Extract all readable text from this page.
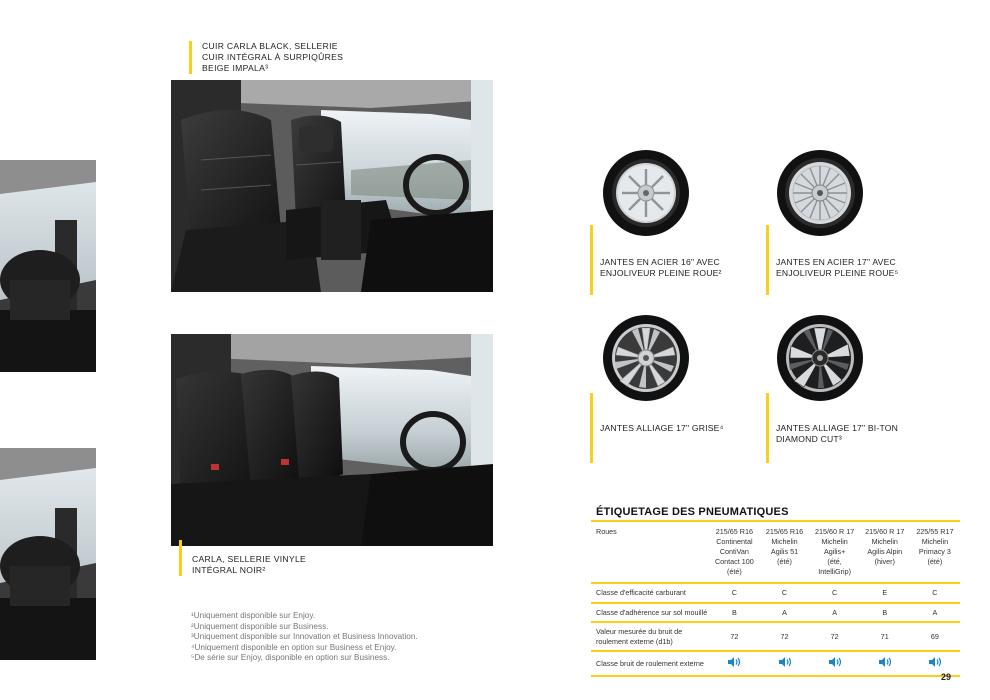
CUIR CARLA BLACK, SELLERIE
CUIR INTÉGRAL À SURPIQÛRES
BEIGE IMPALA³
CARLA, SELLERIE VINYLE
INTÉGRAL NOIR²
¹Uniquement disponible sur Enjoy.
²Uniquement disponible sur Business.
³Uniquement disponible sur Innovation et Business Innovation.
⁴Uniquement disponible en option sur Business et Enjoy.
⁵De série sur Enjoy, disponible en option sur Business.
JANTES EN ACIER 16" AVEC
ENJOLIVEUR PLEINE ROUE²
JANTES EN ACIER 17" AVEC
ENJOLIVEUR PLEINE ROUE⁵
JANTES ALLIAGE 17" GRISE⁴	JANTES ALLIAGE 17" BI-TON
DIAMOND CUT³
ÉTIQUETAGE DES PNEUMATIQUES
Roues	215/65 R16
Continental
ContiVan
Contact 100
(été)	215/65 R16
Michelin
Agilis 51
(été)	215/60 R 17
Michelin
Agilis+
(été,
IntelliGrip)	215/60 R 17
Michelin
Agilis Alpin
(hiver)	225/55 R17
Michelin
Primacy 3
(été)

Classe d'efficacité carburant	C	C	C	E	C
Classe d'adhérence sur sol mouillé	B	A	A	B	A

Valeur mesurée du bruit de
roulement externe (d1b)	72	72	72	71	69
Classe bruit de roulement externe					
29
